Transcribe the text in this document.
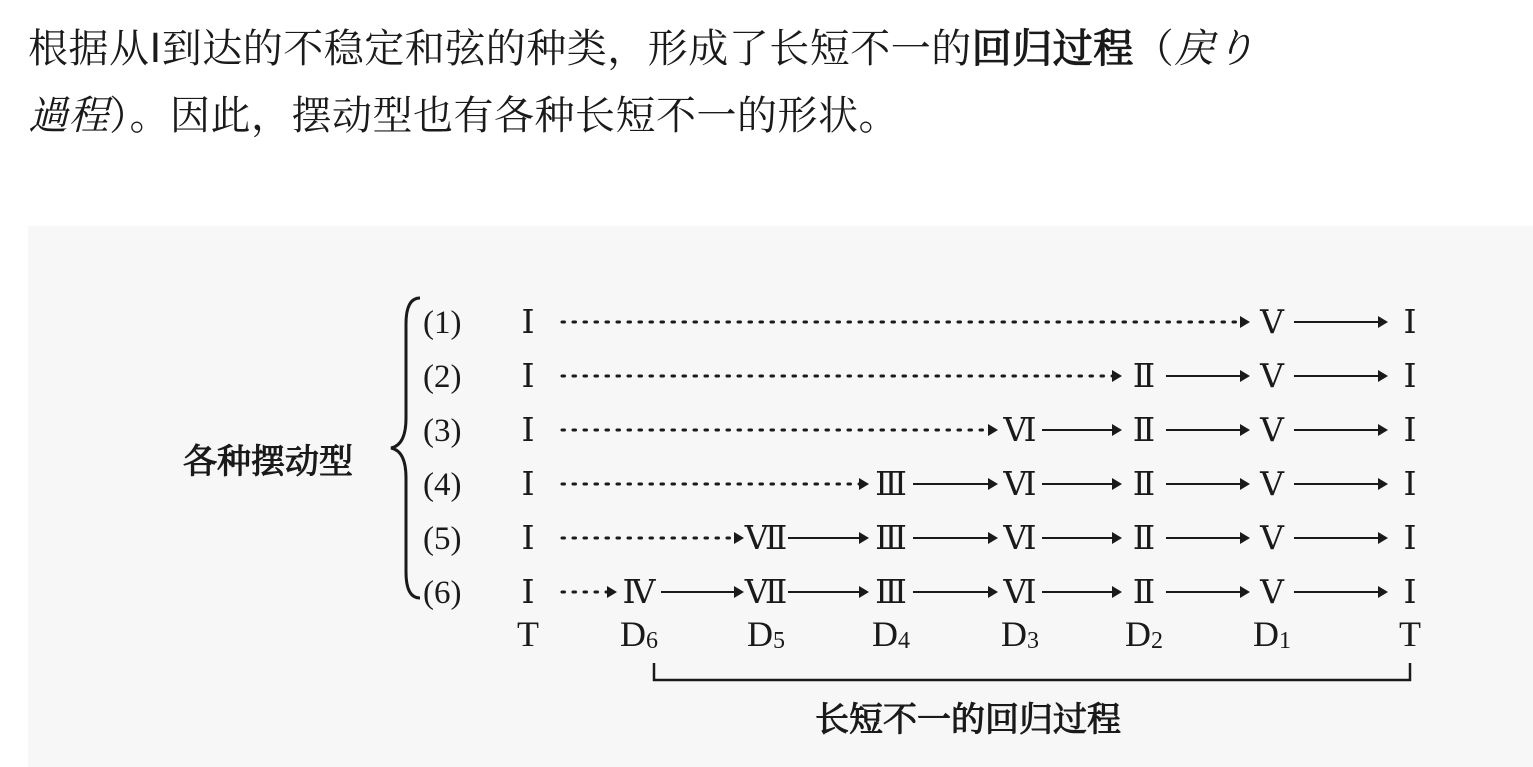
根据从Ⅰ到达的不稳定和弦的种类，形成了长短不一的回归过程（戻り
過程）。因此，摆动型也有各种长短不一的形状。
各种摆动型
(1) Ⅰ	Ⅴ	Ⅰ
(2) Ⅰ	Ⅱ	Ⅴ	Ⅰ
(3) Ⅰ	Ⅵ	Ⅱ	Ⅴ	Ⅰ
(4) Ⅰ	Ⅲ	Ⅵ	Ⅱ	Ⅴ	Ⅰ
(5) Ⅰ	Ⅶ	Ⅲ	Ⅵ	Ⅱ	Ⅴ	Ⅰ
(6) Ⅰ	Ⅳ	Ⅶ	Ⅲ	Ⅵ	Ⅱ	Ⅴ	Ⅰ
T D6 D5 D4	D3 D2	D1	T
长短不一的回归过程
